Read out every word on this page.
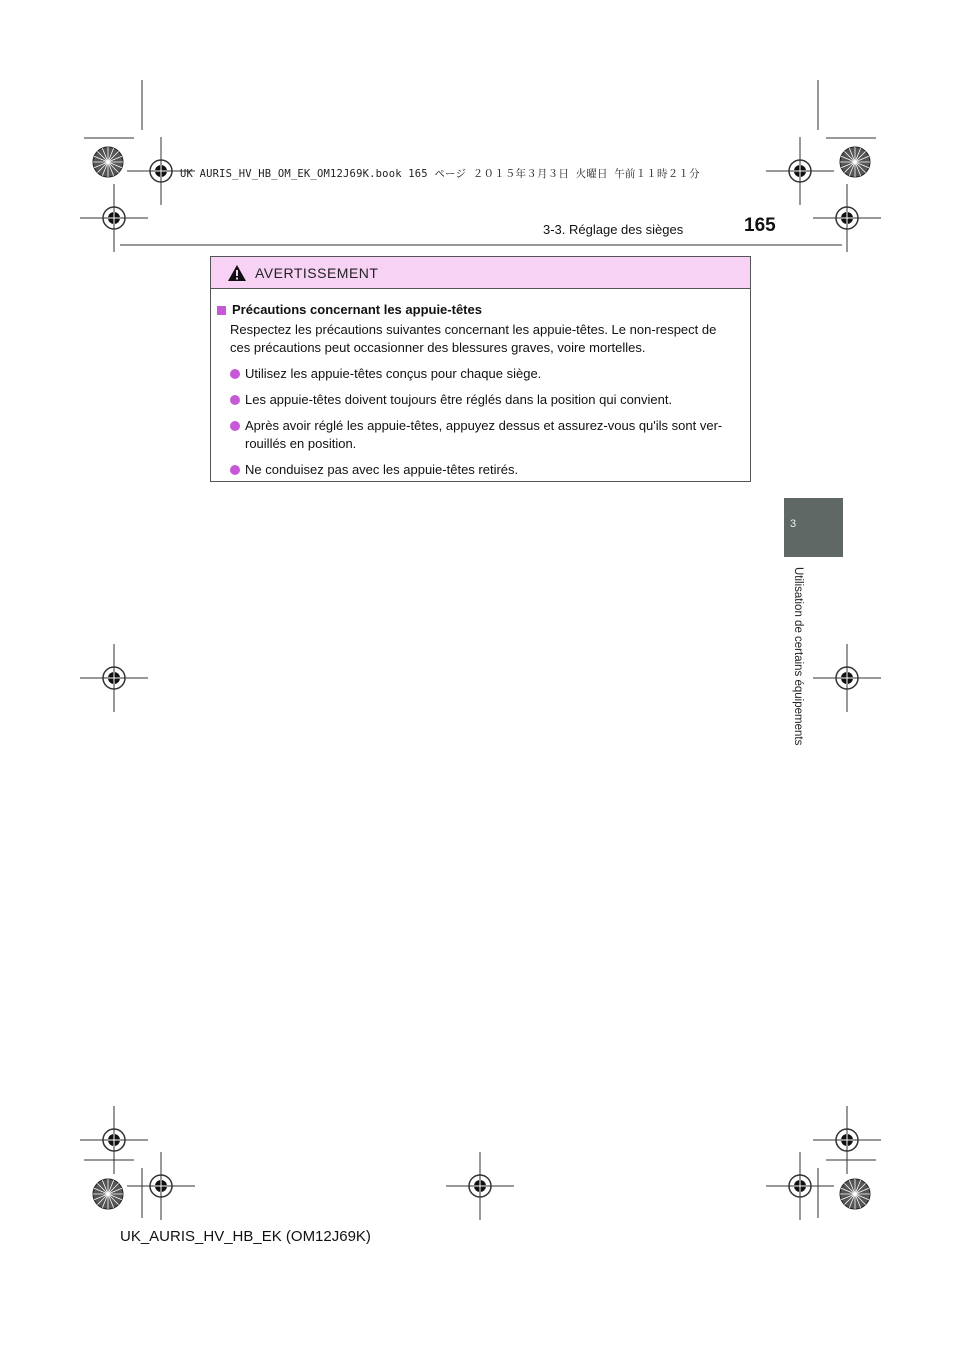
UK AURIS_HV_HB_OM_EK_OM12J69K.book 165 ページ ２０１５年３月３日 火曜日 午前１１時２１分
3-3. Réglage des sièges	165
3
Utilisation de certains équipements
AVERTISSEMENT
Précautions concernant les appuie-têtes
Respectez les précautions suivantes concernant les appuie-têtes. Le non-respect de ces précautions peut occasionner des blessures graves, voire mortelles.
Utilisez les appuie-têtes conçus pour chaque siège.
Les appuie-têtes doivent toujours être réglés dans la position qui convient.
Après avoir réglé les appuie-têtes, appuyez dessus et assurez-vous qu'ils sont ver-rouillés en position.
Ne conduisez pas avec les appuie-têtes retirés.
UK_AURIS_HV_HB_EK (OM12J69K)
